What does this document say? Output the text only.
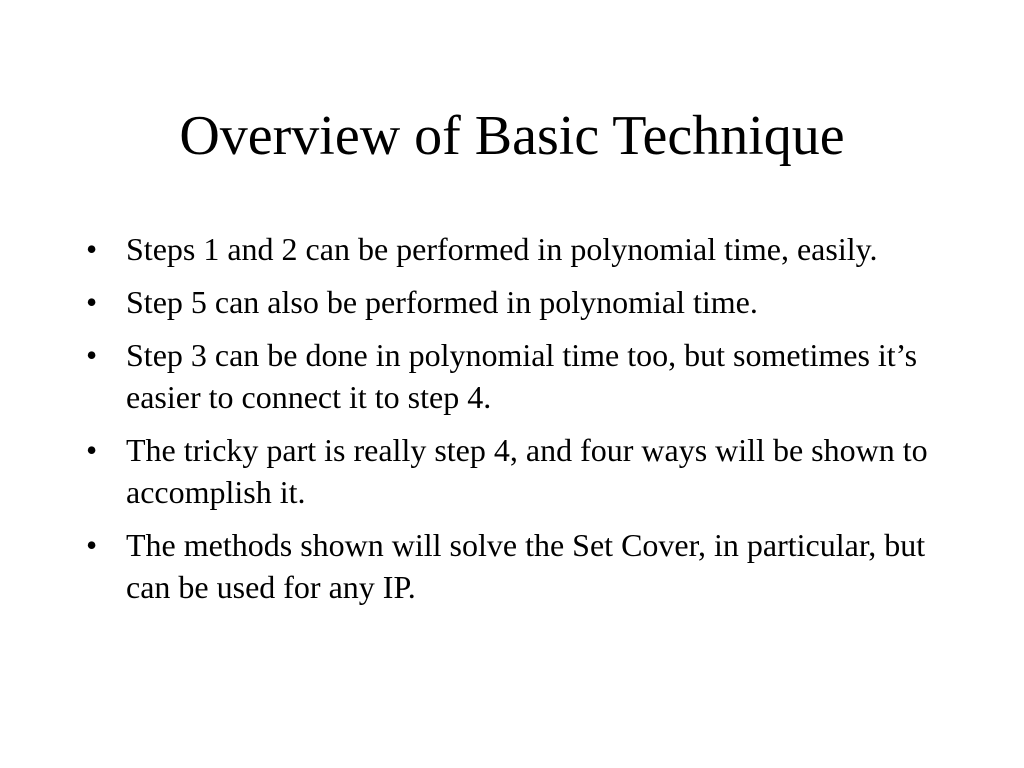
Overview of Basic Technique
• Steps 1 and 2 can be performed in polynomial time, easily.
• Step 5 can also be performed in polynomial time.
• Step 3 can be done in polynomial time too, but sometimes it’s easier to connect it to step 4.
• The tricky part is really step 4, and four ways will be shown to accomplish it.
• The methods shown will solve the Set Cover, in particular, but can be used for any IP.
